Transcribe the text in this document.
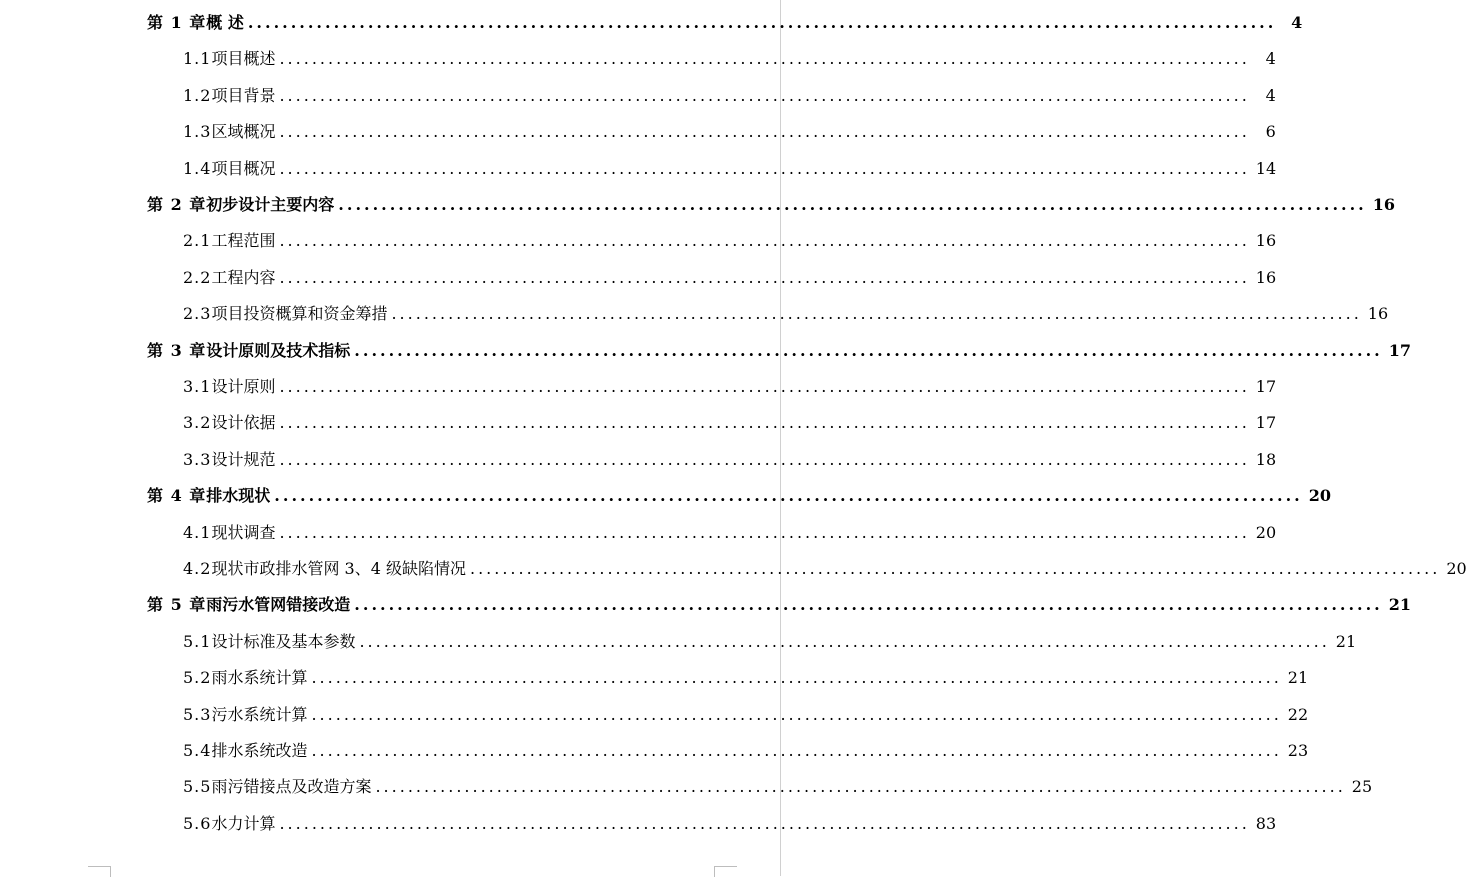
第 1 章 概 述 ........................................................................................................................ 4
1.1 项目概述 ........................................................................................................................ 4
1.2 项目背景 ........................................................................................................................ 4
1.3 区域概况 ........................................................................................................................ 6
1.4 项目概况 ........................................................................................................................ 14
第 2 章 初步设计主要内容 ........................................................................................................................ 16
2.1 工程范围 ........................................................................................................................ 16
2.2 工程内容 ........................................................................................................................ 16
2.3 项目投资概算和资金筹措 ........................................................................................................................ 16
第 3 章 设计原则及技术指标 ........................................................................................................................ 17
3.1 设计原则 ........................................................................................................................ 17
3.2 设计依据 ........................................................................................................................ 17
3.3 设计规范 ........................................................................................................................ 18
第 4 章 排水现状 ........................................................................................................................ 20
4.1 现状调查 ........................................................................................................................ 20
4.2 现状市政排水管网 3、4 级缺陷情况 ........................................................................................................................ 20
第 5 章 雨污水管网错接改造 ........................................................................................................................ 21
5.1 设计标准及基本参数 ........................................................................................................................ 21
5.2 雨水系统计算 ........................................................................................................................ 21
5.3 污水系统计算 ........................................................................................................................ 22
5.4 排水系统改造 ........................................................................................................................ 23
5.5 雨污错接点及改造方案 ........................................................................................................................ 25
5.6 水力计算 ........................................................................................................................ 83
